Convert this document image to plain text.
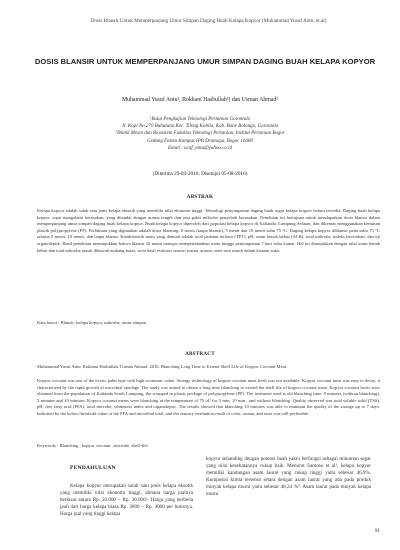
Dosis Blansir Untuk Memperpanjang Umur Simpan Daging Buah Kelapa Kopyor (Muhammad Yusuf Antu, et.al)
DOSIS BLANSIR UNTUK MEMPERPANJANG UMUR SIMPAN DAGING BUAH KELAPA KOPYOR
Muhammad Yusuf Antu¹, Rokhani Hasbullah²) dan Usman Ahmad²
¹Balai Pengkajian Teknologi Pertanian Gorontalo
Jl. Kopi No.270 Bubulunu Kec. Tilong Kabila, Kab. Bone Bolango, Gorontalo
²Teknik Mesin dan Biosistem Fakultas Teknologi Pertanian, Institut Pertanian Bogor
Gedung Fateta Kampus IPB Dramaga, Bogor 16680
Email : ucuf_antu@yahoo.co.id
(Diterima 29-03-2016; Disetujui 05-08-2016)
ABSTRAK
Kelapa kopyor adalah salah satu jenis kelapa eksotik yang memiliki nilai ekonomi tinggi. Teknologi penyimpanan daging buah segar kelapa kopyor belum tersedia. Daging buah kelapa kopyor cepat mengalami kerusakan, yang ditandai dengan aroma tengik dan rasa pahit mikroba penyebab kerusakan. Penelitian ini bertujuan untuk mendapatkan dosis blansir dalam memperpanjang umur simpan daging buah kelapa kopyor. Buah kelapa kopyor diperoleh dari populasi kelapa kopyor di Kalianda, Lampung Selatan, dan dikemas menggunakan kemasan plastik polypropylene (PP). Perlakuan yang digunakan adalah dosis blansing: 0 menit (tanpa blansir), 5 menit dan 10 menit suhu 75 °C. Daging kelapa kopyor diblansir pada suhu 75 °C selama 5 menit, 10 menit, dan tanpa blansir. Karakteristik mutu yang diamati adalah total padatan terlarut (TPT), pH, asam lemak bebas (ALB), total mikroba, indeks kecerahan, dan uji organoleptik. Hasil penelitian menunjukkan bahwa blansir 10 menit mampu mempertahankan mutu hingga penyimpanan 7 hari suhu kamar. Hal ini ditunjukkan dengan nilai asam lemak bebas dan total mikroba masih dibawah ambang batas, serta hasil evaluasi sensori warna, aroma, serta rasa masih dalam kisaran suka.
Kata kunci : Blansir, kelapa kopyor, mikroba, umur simpan
ABSTRACT
Muhammad Yusuf Antu, Rokhani Hasbullah, Usman Ahmad. 2016. Blanching Long Time to Extend Shelf Life of Kopyor Coconut Meat.
Kopyor coconut was one of the exotic palm type with high economic value. Storage technology of kopyor coconut meat fresh was not available. Kopyor coconut meat was easy to decay, it characterized by the rapid growth of microbial spoilage. The study was aimed to obtain a long time blanching to extend the shelf life of kopyor coconut meat. Kopyor coconut fruits were obtained from the population of Kalianda South Lampung, the wrapped in plastic package of polypropylene (PP). The treatment used is old blanching time: 0 minutes (without blanching), 5 minutes and 10 minutes. Kopyor coconut meats were blanching at the temperature of 75 oC for 5 min, 10 min , and without blanching. Quality observed was total soluble solid (TSS), pH, free fatty acid (FFA), total microbe, whiteness index and organoleptic. The results showed that blanching 10 minutes was able to maintain the quality of the storage up to 7 days. indicated by the below threshold value of the FFA and microbial total, and the sensory evaluation result of color, aroma, and taste was still preferable.
Keywords : Blanching , kopyor coconut , microbe, shelf-life
PENDAHULUAN
Kelapa kopyor merupakan salah satu jenis kelapa eksotik yang memiliki nilai ekonomi tinggi, dimana harga jualnya berkisar antara Rp. 20.000 – Rp. 30.000/- Harga yang berbeda jauh dari harga kelapa biasa Rp. 3000 – Rp. 4000 per butirnya. Harga jual yang tinggi kelapa
kopyor sebanding dengan potensi buah yakni berfungsi sebagai minuman segar yang nilai kesehatannya cukup baik. Menurut Santoso et al¹, kelapa kopyor memiliki kandungan asam laurat yang cukup tinggi yaitu sebesar 46,9%. Komposisi kimia tersebut setara dengan asam laurat yang ada pada produk minyak kelapa murni yaitu sebesar 48,24 %². Asam laurat pada minyak kelapa murni
91
